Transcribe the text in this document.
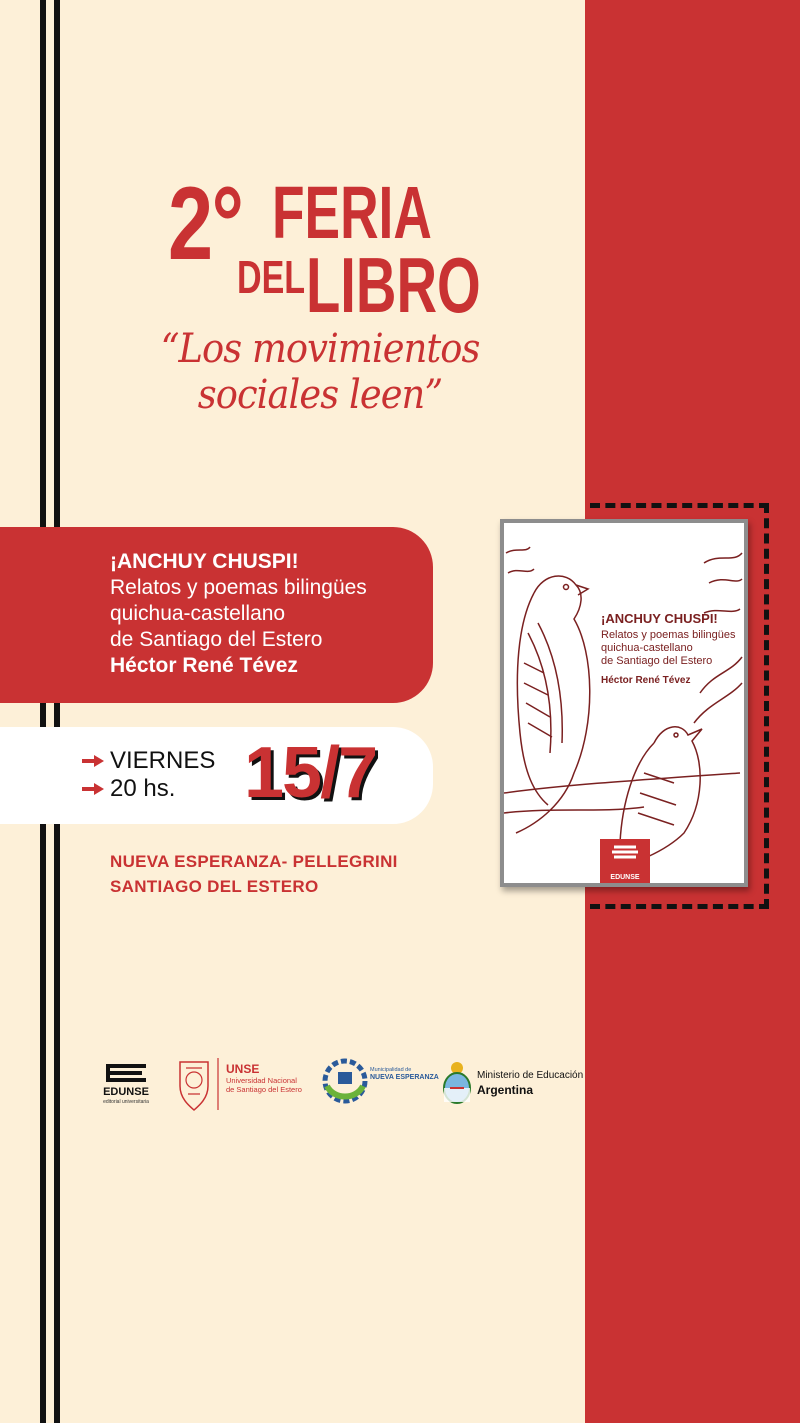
2° FERIA
DEL LIBRO
“Los movimientos sociales leen”
¡ANCHUY CHUSPI!
Relatos y poemas bilingües
quichua-castellano
de Santiago del Estero
Héctor René Tévez
VIERNES
20 hs. 15/7
NUEVA ESPERANZA- PELLEGRINI
SANTIAGO DEL ESTERO
¡ANCHUY CHUSPI!
Relatos y poemas bilingües
quichua-castellano
de Santiago del Estero
Héctor René Tévez
EDUNSE
EDUNSE
editorial universitaria
UNSE
Universidad Nacional
de Santiago del Estero
Municipalidad de
NUEVA ESPERANZA	Ministerio de Educación
Argentina
